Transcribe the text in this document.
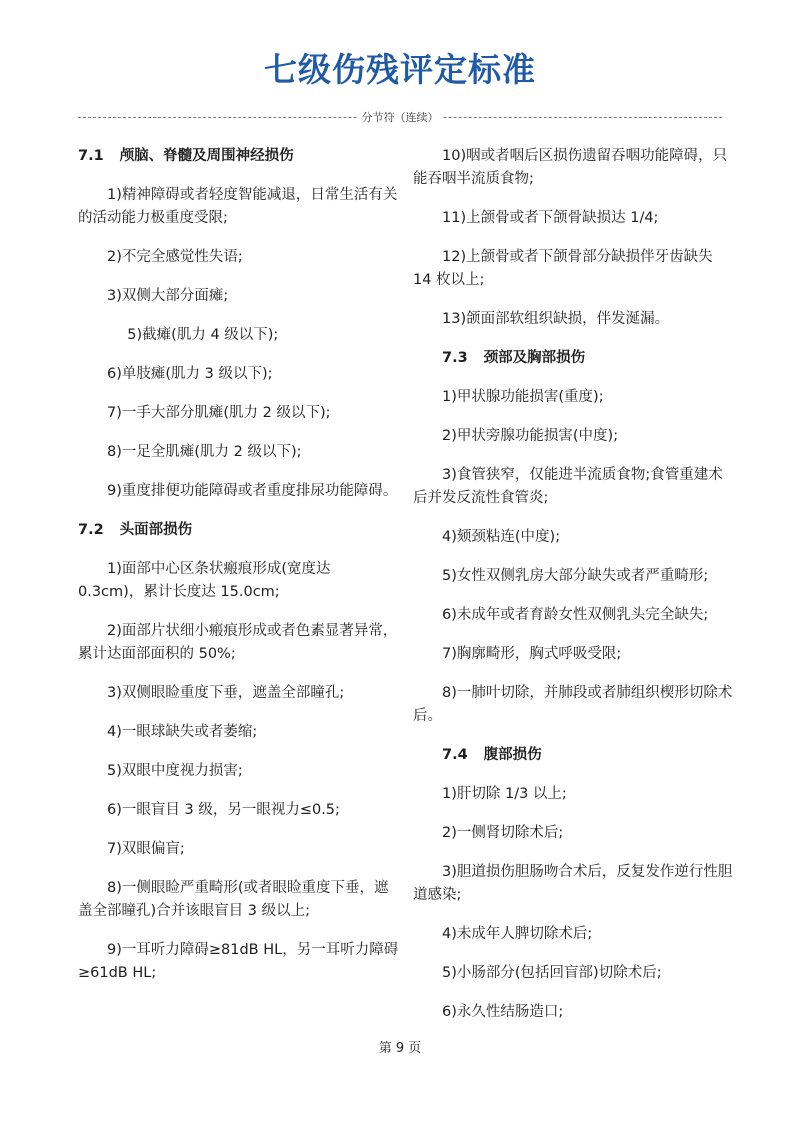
七级伤残评定标准
分节符（连续）
7.1 颅脑、脊髓及周围神经损伤

1)精神障碍或者轻度智能减退，日常生活有关的活动能力极重度受限;

2)不完全感觉性失语;

3)双侧大部分面瘫;

5)截瘫(肌力 4 级以下);

6)单肢瘫(肌力 3 级以下);

7)一手大部分肌瘫(肌力 2 级以下);

8)一足全肌瘫(肌力 2 级以下);

9)重度排便功能障碍或者重度排尿功能障碍。

7.2 头面部损伤

1)面部中心区条状瘢痕形成(宽度达 0.3cm)，累计长度达 15.0cm;

2)面部片状细小瘢痕形成或者色素显著异常，累计达面部面积的 50%;

3)双侧眼睑重度下垂，遮盖全部瞳孔;

4)一眼球缺失或者萎缩;

5)双眼中度视力损害;

6)一眼盲目 3 级，另一眼视力≤0.5;

7)双眼偏盲;

8)一侧眼睑严重畸形(或者眼睑重度下垂，遮盖全部瞳孔)合并该眼盲目 3 级以上;

9)一耳听力障碍≥81dB HL，另一耳听力障碍≥61dB HL;

10)咽或者咽后区损伤遗留吞咽功能障碍，只能吞咽半流质食物;

11)上颌骨或者下颌骨缺损达 1/4;

12)上颌骨或者下颌骨部分缺损伴牙齿缺失 14 枚以上;

13)颌面部软组织缺损，伴发涎漏。

7.3 颈部及胸部损伤

1)甲状腺功能损害(重度);

2)甲状旁腺功能损害(中度);

3)食管狭窄，仅能进半流质食物;食管重建术后并发反流性食管炎;

4)颏颈粘连(中度);

5)女性双侧乳房大部分缺失或者严重畸形;

6)未成年或者育龄女性双侧乳头完全缺失;

7)胸廓畸形，胸式呼吸受限;

8)一肺叶切除，并肺段或者肺组织楔形切除术后。

7.4 腹部损伤

1)肝切除 1/3 以上;

2)一侧肾切除术后;

3)胆道损伤胆肠吻合术后，反复发作逆行性胆道感染;

4)未成年人脾切除术后;

5)小肠部分(包括回盲部)切除术后;

6)永久性结肠造口;

第 9 页
